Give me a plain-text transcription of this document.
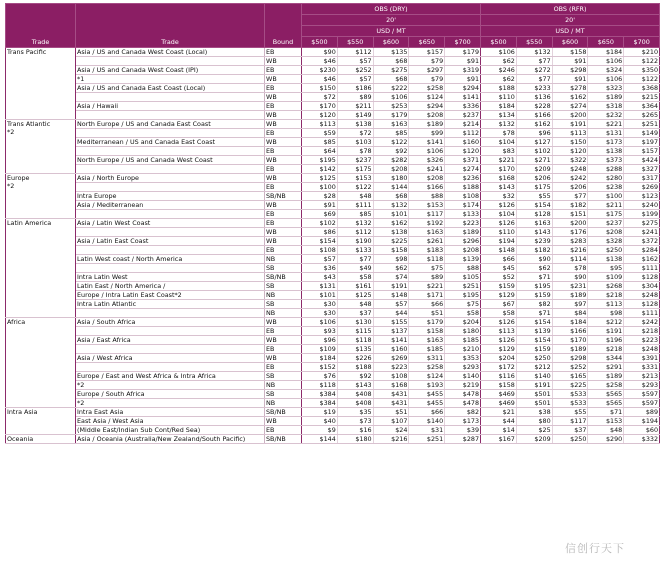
Trade	Trade	Bound	OBS (DRY)					OBS (RFR)				
			20'					20'				
			USD / MT					USD / MT				
			$500	$550	$600	$650	$700	$500	$550	$600	$650	$700

Trans Pacific	Asia / US and Canada West Coast (Local)	EB	$90	$112	$135	$157	$179	$106	$132	$158	$184	$210
		WB	$46	$57	$68	$79	$91	$62	$77	$91	$106	$122
	Asia / US and Canada West Coast (IPI)	EB	$230	$252	$275	$297	$319	$246	$272	$298	$324	$350
	*1	WB	$46	$57	$68	$79	$91	$62	$77	$91	$106	$122
	Asia / US and Canada East Coast (Local)	EB	$150	$186	$222	$258	$294	$188	$233	$278	$323	$368
		WB	$72	$89	$106	$124	$141	$110	$136	$162	$189	$215
	Asia / Hawaii	EB	$170	$211	$253	$294	$336	$184	$228	$274	$318	$364
		WB	$120	$149	$179	$208	$237	$134	$166	$200	$232	$265

Trans Atlantic
*2	North Europe / US and Canada East Coast	WB	$113	$138	$163	$189	$214	$132	$162	$191	$221	$251
		EB	$59	$72	$85	$99	$112	$78	$96	$113	$131	$149
	Mediterranean / US and Canada East Coast	WB	$85	$103	$122	$141	$160	$104	$127	$150	$173	$197
		EB	$64	$78	$92	$106	$120	$83	$102	$120	$138	$157
	North Europe / US and Canada West Coast	WB	$195	$237	$282	$326	$371	$221	$271	$322	$373	$424
		EB	$142	$175	$208	$241	$274	$170	$209	$248	$288	$327

Europe
*2	Asia / North Europe	WB	$125	$153	$180	$208	$236	$168	$206	$242	$280	$317
		EB	$100	$122	$144	$166	$188	$143	$175	$206	$238	$269
	Intra Europe	SB/NB	$28	$48	$68	$88	$108	$32	$55	$77	$100	$123
	Asia / Mediterranean	WB	$91	$111	$132	$153	$174	$126	$154	$182	$211	$240
		EB	$69	$85	$101	$117	$133	$104	$128	$151	$175	$199

Latin America	Asia / Latin West Coast	EB	$102	$132	$162	$192	$223	$126	$163	$200	$237	$275
		WB	$86	$112	$138	$163	$189	$110	$143	$176	$208	$241
	Asia / Latin East Coast	WB	$154	$190	$225	$261	$296	$194	$239	$283	$328	$372
		EB	$108	$133	$158	$183	$208	$148	$182	$216	$250	$284
	Latin West coast / North America	NB	$57	$77	$98	$118	$139	$66	$90	$114	$138	$162
		SB	$36	$49	$62	$75	$88	$45	$62	$78	$95	$111
	Intra Latin West	SB/NB	$43	$58	$74	$89	$105	$52	$71	$90	$109	$128
	Latin East / North America /	SB	$131	$161	$191	$221	$251	$159	$195	$231	$268	$304
	Europe / Intra Latin East Coast*2	NB	$101	$125	$148	$171	$195	$129	$159	$189	$218	$248
	Intra Latin Atlantic	SB	$30	$48	$57	$66	$75	$67	$82	$97	$113	$128
		NB	$30	$37	$44	$51	$58	$58	$71	$84	$98	$111

Africa	Asia / South Africa	WB	$106	$130	$155	$179	$204	$126	$154	$184	$212	$242
		EB	$93	$115	$137	$158	$180	$113	$139	$166	$191	$218
	Asia / East Africa	WB	$96	$118	$141	$163	$185	$126	$154	$170	$196	$223
		EB	$109	$135	$160	$185	$210	$129	$159	$189	$218	$248
	Asia / West Africa	WB	$184	$226	$269	$311	$353	$204	$250	$298	$344	$391
		EB	$152	$188	$223	$258	$293	$172	$212	$252	$291	$331
	Europe / East and West Africa & Intra Africa	SB	$76	$92	$108	$124	$140	$116	$140	$165	$189	$213
	*2	NB	$118	$143	$168	$193	$219	$158	$191	$225	$258	$293
	Europe / South Africa	SB	$384	$408	$431	$455	$478	$469	$501	$533	$565	$597
	*2	NB	$384	$408	$431	$455	$478	$469	$501	$533	$565	$597

Intra Asia	Intra East Asia	SB/NB	$19	$35	$51	$66	$82	$21	$38	$55	$71	$89
	East Asia / West Asia	WB	$40	$73	$107	$140	$173	$44	$80	$117	$153	$194
	(Middle East/Indian Sub Cont/Red Sea)	EB	$9	$16	$24	$31	$39	$14	$25	$37	$48	$60

Oceania	Asia / Oceania (Australia/New Zealand/South Pacific)	SB/NB	$144	$180	$216	$251	$287	$167	$209	$250	$290	$332
信创行天下
